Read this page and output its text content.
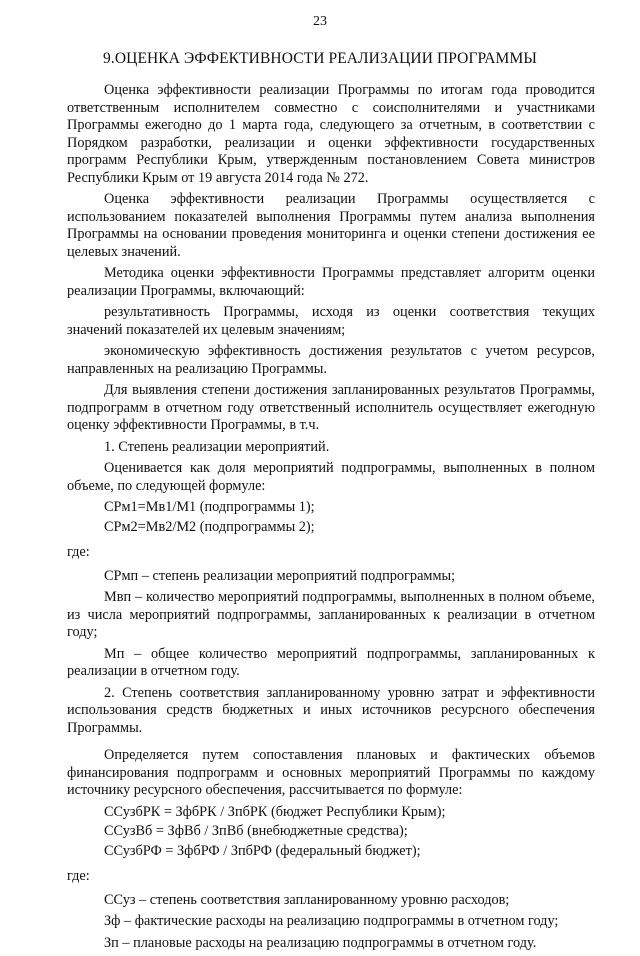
23
9.ОЦЕНКА ЭФФЕКТИВНОСТИ РЕАЛИЗАЦИИ ПРОГРАММЫ

Оценка эффективности реализации Программы по итогам года проводится ответственным исполнителем совместно с соисполнителями и участниками Программы ежегодно до 1 марта года, следующего за отчетным, в соответствии с Порядком разработки, реализации и оценки эффективности государственных программ Республики Крым, утвержденным постановлением Совета министров Республики Крым от 19 августа 2014 года № 272.

Оценка эффективности реализации Программы осуществляется с использованием показателей выполнения Программы путем анализа выполнения Программы на основании проведения мониторинга и оценки степени достижения ее целевых значений.

Методика оценки эффективности Программы представляет алгоритм оценки реализации Программы, включающий:

результативность Программы, исходя из оценки соответствия текущих значений показателей их целевым значениям;

экономическую эффективность достижения результатов с учетом ресурсов, направленных на реализацию Программы.

Для выявления степени достижения запланированных результатов Программы, подпрограмм в отчетном году ответственный исполнитель осуществляет ежегодную оценку эффективности Программы, в т.ч.

1. Степень реализации мероприятий.

Оценивается как доля мероприятий подпрограммы, выполненных в полном объеме, по следующей формуле:

СРм1=Мв1/М1 (подпрограммы 1);

СРм2=Мв2/М2 (подпрограммы 2);

где:

СРмп – степень реализации мероприятий подпрограммы;

Мвп – количество мероприятий подпрограммы, выполненных в полном объеме, из числа мероприятий подпрограммы, запланированных к реализации в отчетном году;

Мп – общее количество мероприятий подпрограммы, запланированных к реализации в отчетном году.

2. Степень соответствия запланированному уровню затрат и эффективности использования средств бюджетных и иных источников ресурсного обеспечения Программы.

Определяется путем сопоставления плановых и фактических объемов финансирования подпрограмм и основных мероприятий Программы по каждому источнику ресурсного обеспечения, рассчитывается по формуле:

ССузбРК = ЗфбРК / ЗпбРК (бюджет Республики Крым);

ССузВб = ЗфВб / ЗпВб (внебюджетные средства);

ССузбРФ = ЗфбРФ / ЗпбРФ (федеральный бюджет);

где:

ССуз – степень соответствия запланированному уровню расходов;

Зф – фактические расходы на реализацию подпрограммы в отчетном году;

Зп – плановые расходы на реализацию подпрограммы в отчетном году.
